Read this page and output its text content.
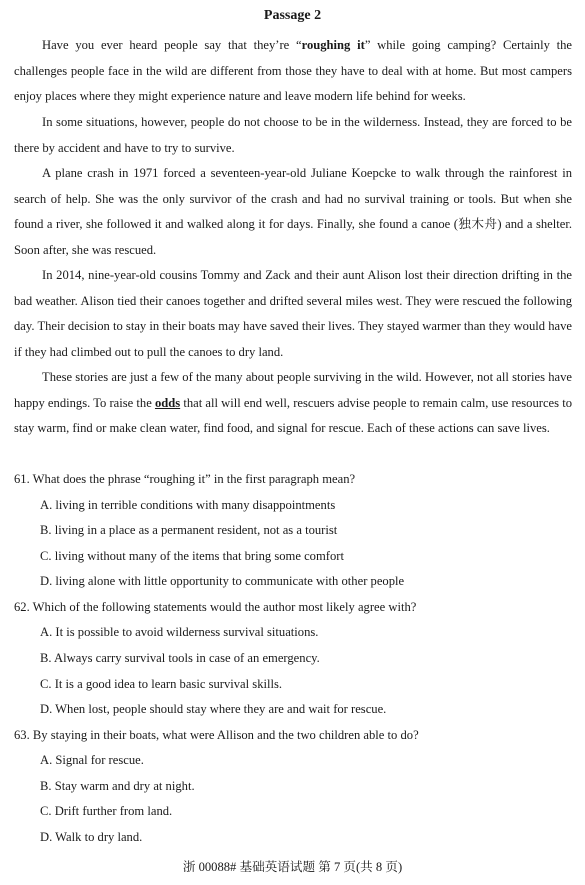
Passage 2

Have you ever heard people say that they’re “roughing it” while going camping? Certainly the challenges people face in the wild are different from those they have to deal with at home. But most campers enjoy places where they might experience nature and leave modern life behind for weeks.

In some situations, however, people do not choose to be in the wilderness. Instead, they are forced to be there by accident and have to try to survive.

A plane crash in 1971 forced a seventeen-year-old Juliane Koepcke to walk through the rainforest in search of help. She was the only survivor of the crash and had no survival training or tools. But when she found a river, she followed it and walked along it for days. Finally, she found a canoe (独木舟) and a shelter. Soon after, she was rescued.

In 2014, nine-year-old cousins Tommy and Zack and their aunt Alison lost their direction drifting in the bad weather. Alison tied their canoes together and drifted several miles west. They were rescued the following day. Their decision to stay in their boats may have saved their lives. They stayed warmer than they would have if they had climbed out to pull the canoes to dry land.

These stories are just a few of the many about people surviving in the wild. However, not all stories have happy endings. To raise the odds that all will end well, rescuers advise people to remain calm, use resources to stay warm, find or make clean water, find food, and signal for rescue. Each of these actions can save lives.

61. What does the phrase “roughing it” in the first paragraph mean?

A. living in terrible conditions with many disappointments

B. living in a place as a permanent resident, not as a tourist

C. living without many of the items that bring some comfort

D. living alone with little opportunity to communicate with other people

62. Which of the following statements would the author most likely agree with?

A. It is possible to avoid wilderness survival situations.

B. Always carry survival tools in case of an emergency.

C. It is a good idea to learn basic survival skills.

D. When lost, people should stay where they are and wait for rescue.

63. By staying in their boats, what were Allison and the two children able to do?

A. Signal for rescue.

B. Stay warm and dry at night.

C. Drift further from land.

D. Walk to dry land.

浙 00088# 基础英语试题 第 7 页(共 8 页)
